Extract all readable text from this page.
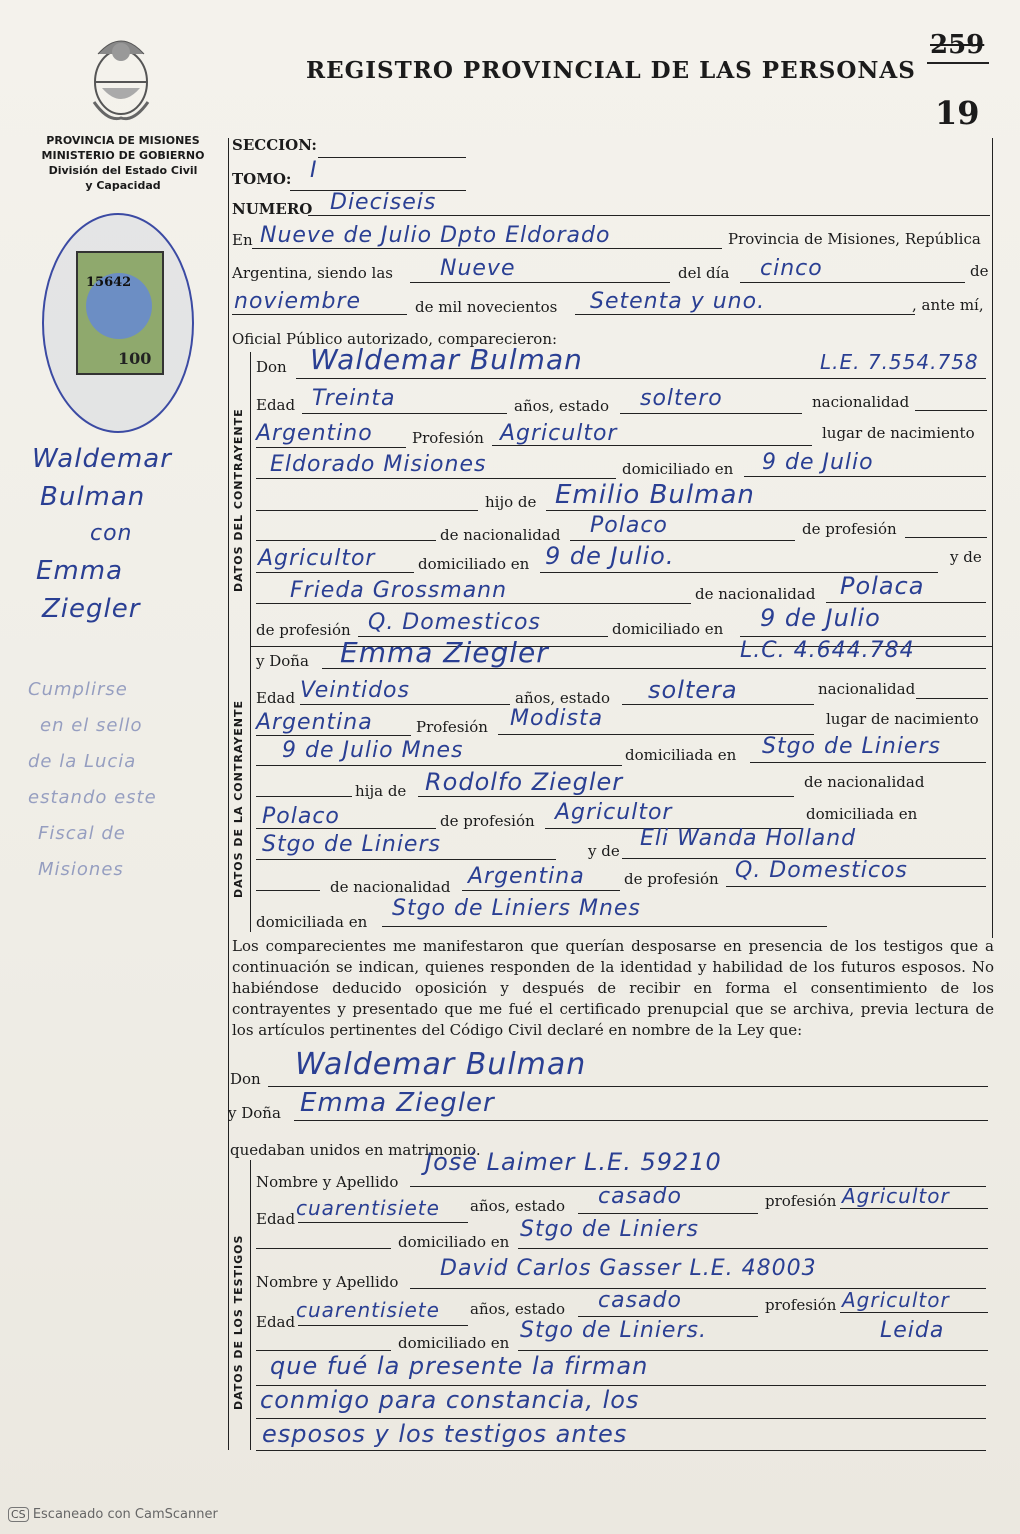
REGISTRO PROVINCIAL DE LAS PERSONAS
259
19
PROVINCIA DE MISIONES
MINISTERIO DE GOBIERNO
División del Estado Civil
y Capacidad
15642
100
SECCION:
TOMO: I
NUMERO Dieciseis
En Nueve de Julio Dpto Eldorado	Provincia de Misiones, República
Argentina, siendo las Nueve	del día cinco	de
noviembre	de mil novecientos Setenta y uno.	, ante mí,
Oficial Público autorizado, comparecieron:
DATOS DEL CONTRAYENTE
DATOS DE LA CONTRAYENTE
DATOS DE LOS TESTIGOS
Don Waldemar Bulman	L.E. 7.554.758
Edad Treinta	años, estado soltero	nacionalidad
Argentino	Profesión Agricultor	lugar de nacimiento
Eldorado Misiones	domiciliado en 9 de Julio
hijo de Emilio Bulman
de nacionalidad Polaco	de profesión
Agricultor	domiciliado en 9 de Julio.	y de
Frieda Grossmann	de nacionalidad Polaca
de profesión Q. Domesticos	domiciliado en 9 de Julio
y Doña Emma Ziegler	L.C. 4.644.784
Edad Veintidos	años, estado soltera	nacionalidad
Argentina	Profesión Modista	lugar de nacimiento
9 de Julio Mnes	domiciliada en Stgo de Liniers
hija de Rodolfo Ziegler	de nacionalidad
Polaco	de profesión Agricultor	domiciliada en
Stgo de Liniers	y de Eli Wanda Holland
de nacionalidad Argentina	de profesión Q. Domesticos
domiciliada en
Stgo de Liniers Mnes
Los comparecientes me manifestaron que querían desposarse en presencia de los testigos que a continuación se indican, quienes responden de la identidad y habilidad de los futuros esposos. No habiéndose deducido oposición y después de recibir en forma el consentimiento de los contrayentes y presentado que me fué el certificado prenupcial que se archiva, previa lectura de los artículos pertinentes del Código Civil declaré en nombre de la Ley que:
Don Waldemar Bulman
y Doña Emma Ziegler
quedaban unidos en matrimonio.
Nombre y Apellido
José Laimer L.E. 59210
Edad cuarentisiete años, estado casado	profesión Agricultor
domiciliado en Stgo de Liniers
Nombre y Apellido
David Carlos Gasser L.E. 48003
Edad cuarentisiete años, estado casado	profesión Agricultor
domiciliado en Stgo de Liniers.	Leida
que fué la presente la firman
conmigo para constancia, los
esposos y los testigos antes
Waldemar
Bulman
con
Emma
Ziegler
Cumplirse
en el sello
de la Lucia
estando este
Fiscal de
Misiones
CS Escaneado con CamScanner
